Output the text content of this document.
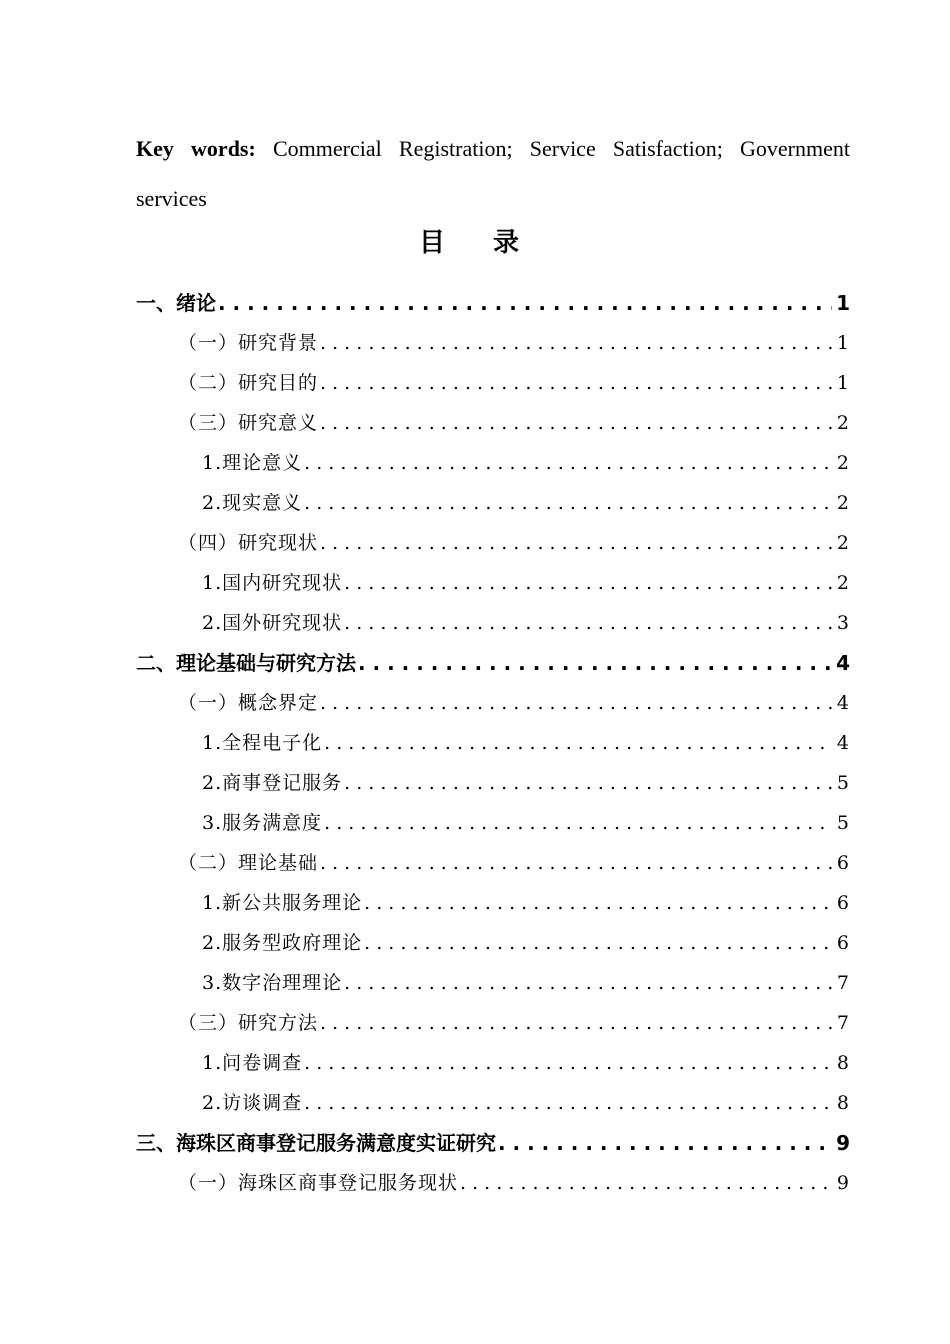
Key words: Commercial Registration; Service Satisfaction; Government services
目录
一、绪论 . . .	1
（一）研究背景 . . .	1
（二）研究目的 . . .	1
（三）研究意义 . . .	2
1.理论意义 . . .	2
2.现实意义 . . .	2
（四）研究现状 . . .	2
1.国内研究现状 . . .	2
2.国外研究现状 . . .	3
二、理论基础与研究方法 . . .	4
（一）概念界定 . . .	4
1.全程电子化 . . .	4
2.商事登记服务 . . .	5
3.服务满意度 . . .	5
（二）理论基础 . . .	6
1.新公共服务理论 . . .	6
2.服务型政府理论 . . .	6
3.数字治理理论 . . .	7
（三）研究方法 . . .	7
1.问卷调查 . . .	8
2.访谈调查 . . .	8
三、海珠区商事登记服务满意度实证研究 . . .	9
（一）海珠区商事登记服务现状 . . .	9
